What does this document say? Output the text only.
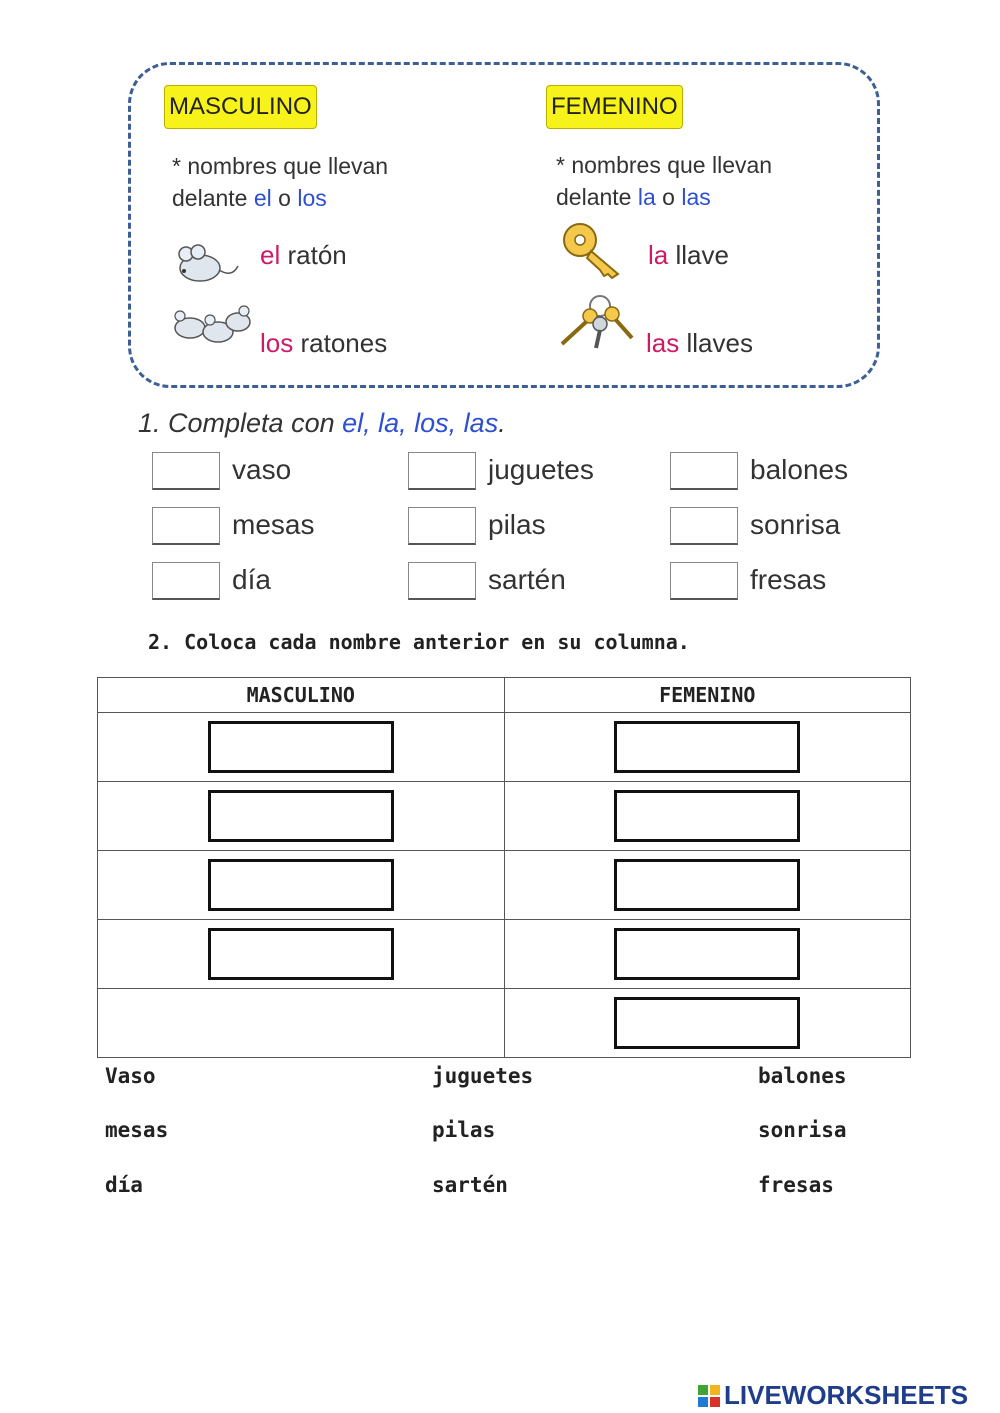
MASCULINO	FEMENINO
* nombres que llevan
delante el o los
* nombres que llevan
delante la o las
el ratón
los ratones
la llave
las llaves
1. Completa con el, la, los, las.
vaso	juguetes	balones
mesas	pilas	sonrisa
día	sartén	fresas
2. Coloca cada nombre anterior en su columna.
MASCULINO	FEMENINO

Vaso	juguetes	balones
mesas	pilas	sonrisa
día	sartén	fresas
LIVEWORKSHEETS
